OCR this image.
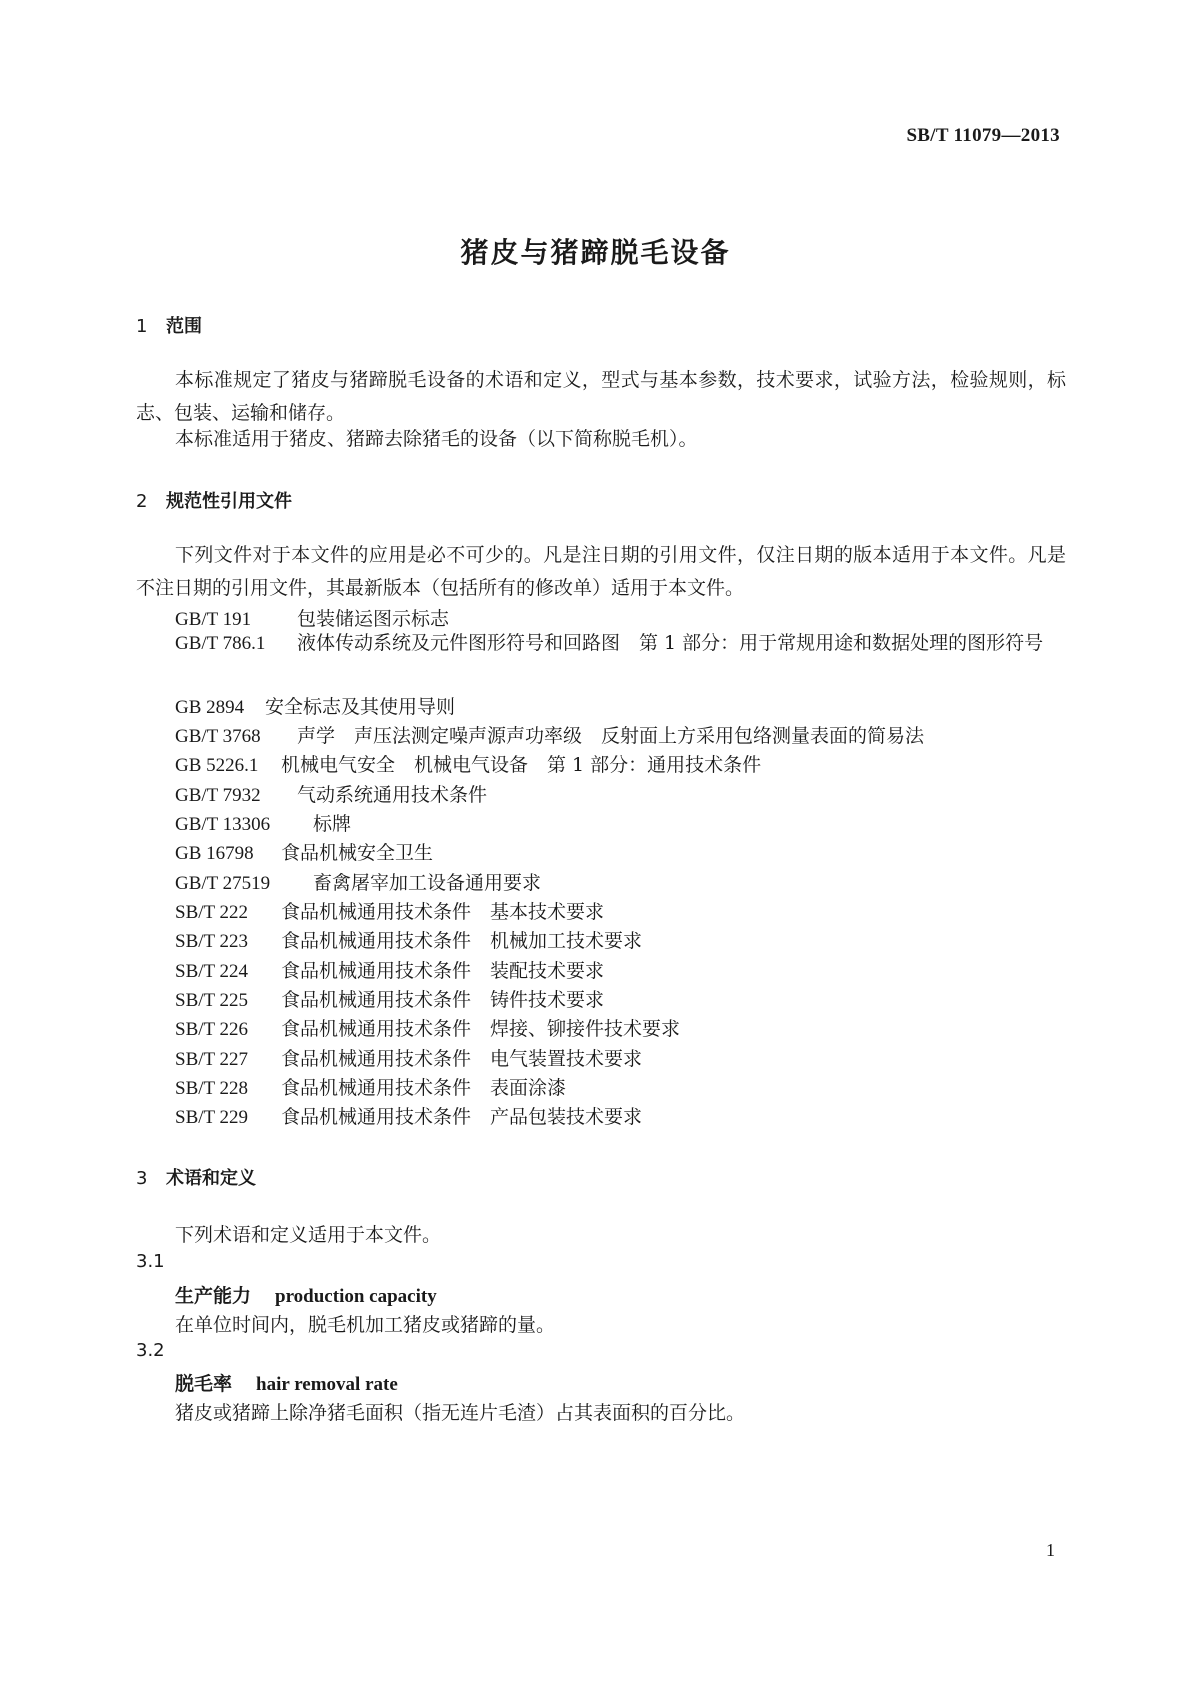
SB/T 11079—2013
猪皮与猪蹄脱毛设备
1 范围
本标准规定了猪皮与猪蹄脱毛设备的术语和定义，型式与基本参数，技术要求，试验方法，检验规则，标志、包装、运输和储存。
本标准适用于猪皮、猪蹄去除猪毛的设备（以下简称脱毛机）。
2 规范性引用文件
下列文件对于本文件的应用是必不可少的。凡是注日期的引用文件，仅注日期的版本适用于本文件。凡是不注日期的引用文件，其最新版本（包括所有的修改单）适用于本文件。
GB/T 191 包装储运图示标志
GB/T 786.1 液体传动系统及元件图形符号和回路图　第 1 部分：用于常规用途和数据处理的图形符号
GB 2894 安全标志及其使用导则
GB/T 3768 声学　声压法测定噪声源声功率级　反射面上方采用包络测量表面的简易法
GB 5226.1 机械电气安全　机械电气设备　第 1 部分：通用技术条件
GB/T 7932 气动系统通用技术条件
GB/T 13306 标牌
GB 16798 食品机械安全卫生
GB/T 27519 畜禽屠宰加工设备通用要求
SB/T 222 食品机械通用技术条件　基本技术要求
SB/T 223 食品机械通用技术条件　机械加工技术要求
SB/T 224 食品机械通用技术条件　装配技术要求
SB/T 225 食品机械通用技术条件　铸件技术要求
SB/T 226 食品机械通用技术条件　焊接、铆接件技术要求
SB/T 227 食品机械通用技术条件　电气装置技术要求
SB/T 228 食品机械通用技术条件　表面涂漆
SB/T 229 食品机械通用技术条件　产品包装技术要求
3 术语和定义
下列术语和定义适用于本文件。
3.1
生产能力 production capacity
在单位时间内，脱毛机加工猪皮或猪蹄的量。
3.2
脱毛率 hair removal rate
猪皮或猪蹄上除净猪毛面积（指无连片毛渣）占其表面积的百分比。
1
